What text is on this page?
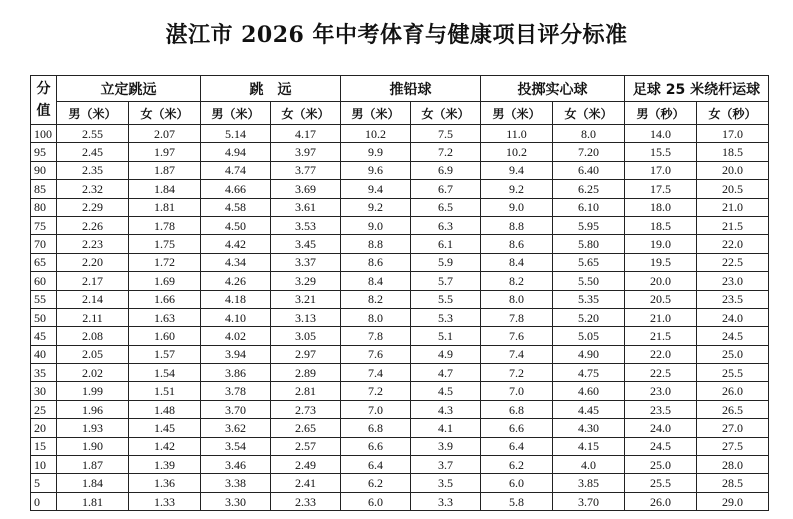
湛江市 2026 年中考体育与健康项目评分标准
分
值	立定跳远		跳　远		推铅球		投掷实心球		足球 25 米绕杆运球	
	男（米）	女（米）	男（米）	女（米）	男（米）	女（米）	男（米）	女（米）	男（秒）	女（秒）
100	2.55	2.07	5.14	4.17	10.2	7.5	11.0	8.0	14.0	17.0
95	2.45	1.97	4.94	3.97	9.9	7.2	10.2	7.20	15.5	18.5
90	2.35	1.87	4.74	3.77	9.6	6.9	9.4	6.40	17.0	20.0
85	2.32	1.84	4.66	3.69	9.4	6.7	9.2	6.25	17.5	20.5
80	2.29	1.81	4.58	3.61	9.2	6.5	9.0	6.10	18.0	21.0
75	2.26	1.78	4.50	3.53	9.0	6.3	8.8	5.95	18.5	21.5
70	2.23	1.75	4.42	3.45	8.8	6.1	8.6	5.80	19.0	22.0
65	2.20	1.72	4.34	3.37	8.6	5.9	8.4	5.65	19.5	22.5
60	2.17	1.69	4.26	3.29	8.4	5.7	8.2	5.50	20.0	23.0
55	2.14	1.66	4.18	3.21	8.2	5.5	8.0	5.35	20.5	23.5
50	2.11	1.63	4.10	3.13	8.0	5.3	7.8	5.20	21.0	24.0
45	2.08	1.60	4.02	3.05	7.8	5.1	7.6	5.05	21.5	24.5
40	2.05	1.57	3.94	2.97	7.6	4.9	7.4	4.90	22.0	25.0
35	2.02	1.54	3.86	2.89	7.4	4.7	7.2	4.75	22.5	25.5
30	1.99	1.51	3.78	2.81	7.2	4.5	7.0	4.60	23.0	26.0
25	1.96	1.48	3.70	2.73	7.0	4.3	6.8	4.45	23.5	26.5
20	1.93	1.45	3.62	2.65	6.8	4.1	6.6	4.30	24.0	27.0
15	1.90	1.42	3.54	2.57	6.6	3.9	6.4	4.15	24.5	27.5
10	1.87	1.39	3.46	2.49	6.4	3.7	6.2	4.0	25.0	28.0
5	1.84	1.36	3.38	2.41	6.2	3.5	6.0	3.85	25.5	28.5
0	1.81	1.33	3.30	2.33	6.0	3.3	5.8	3.70	26.0	29.0
